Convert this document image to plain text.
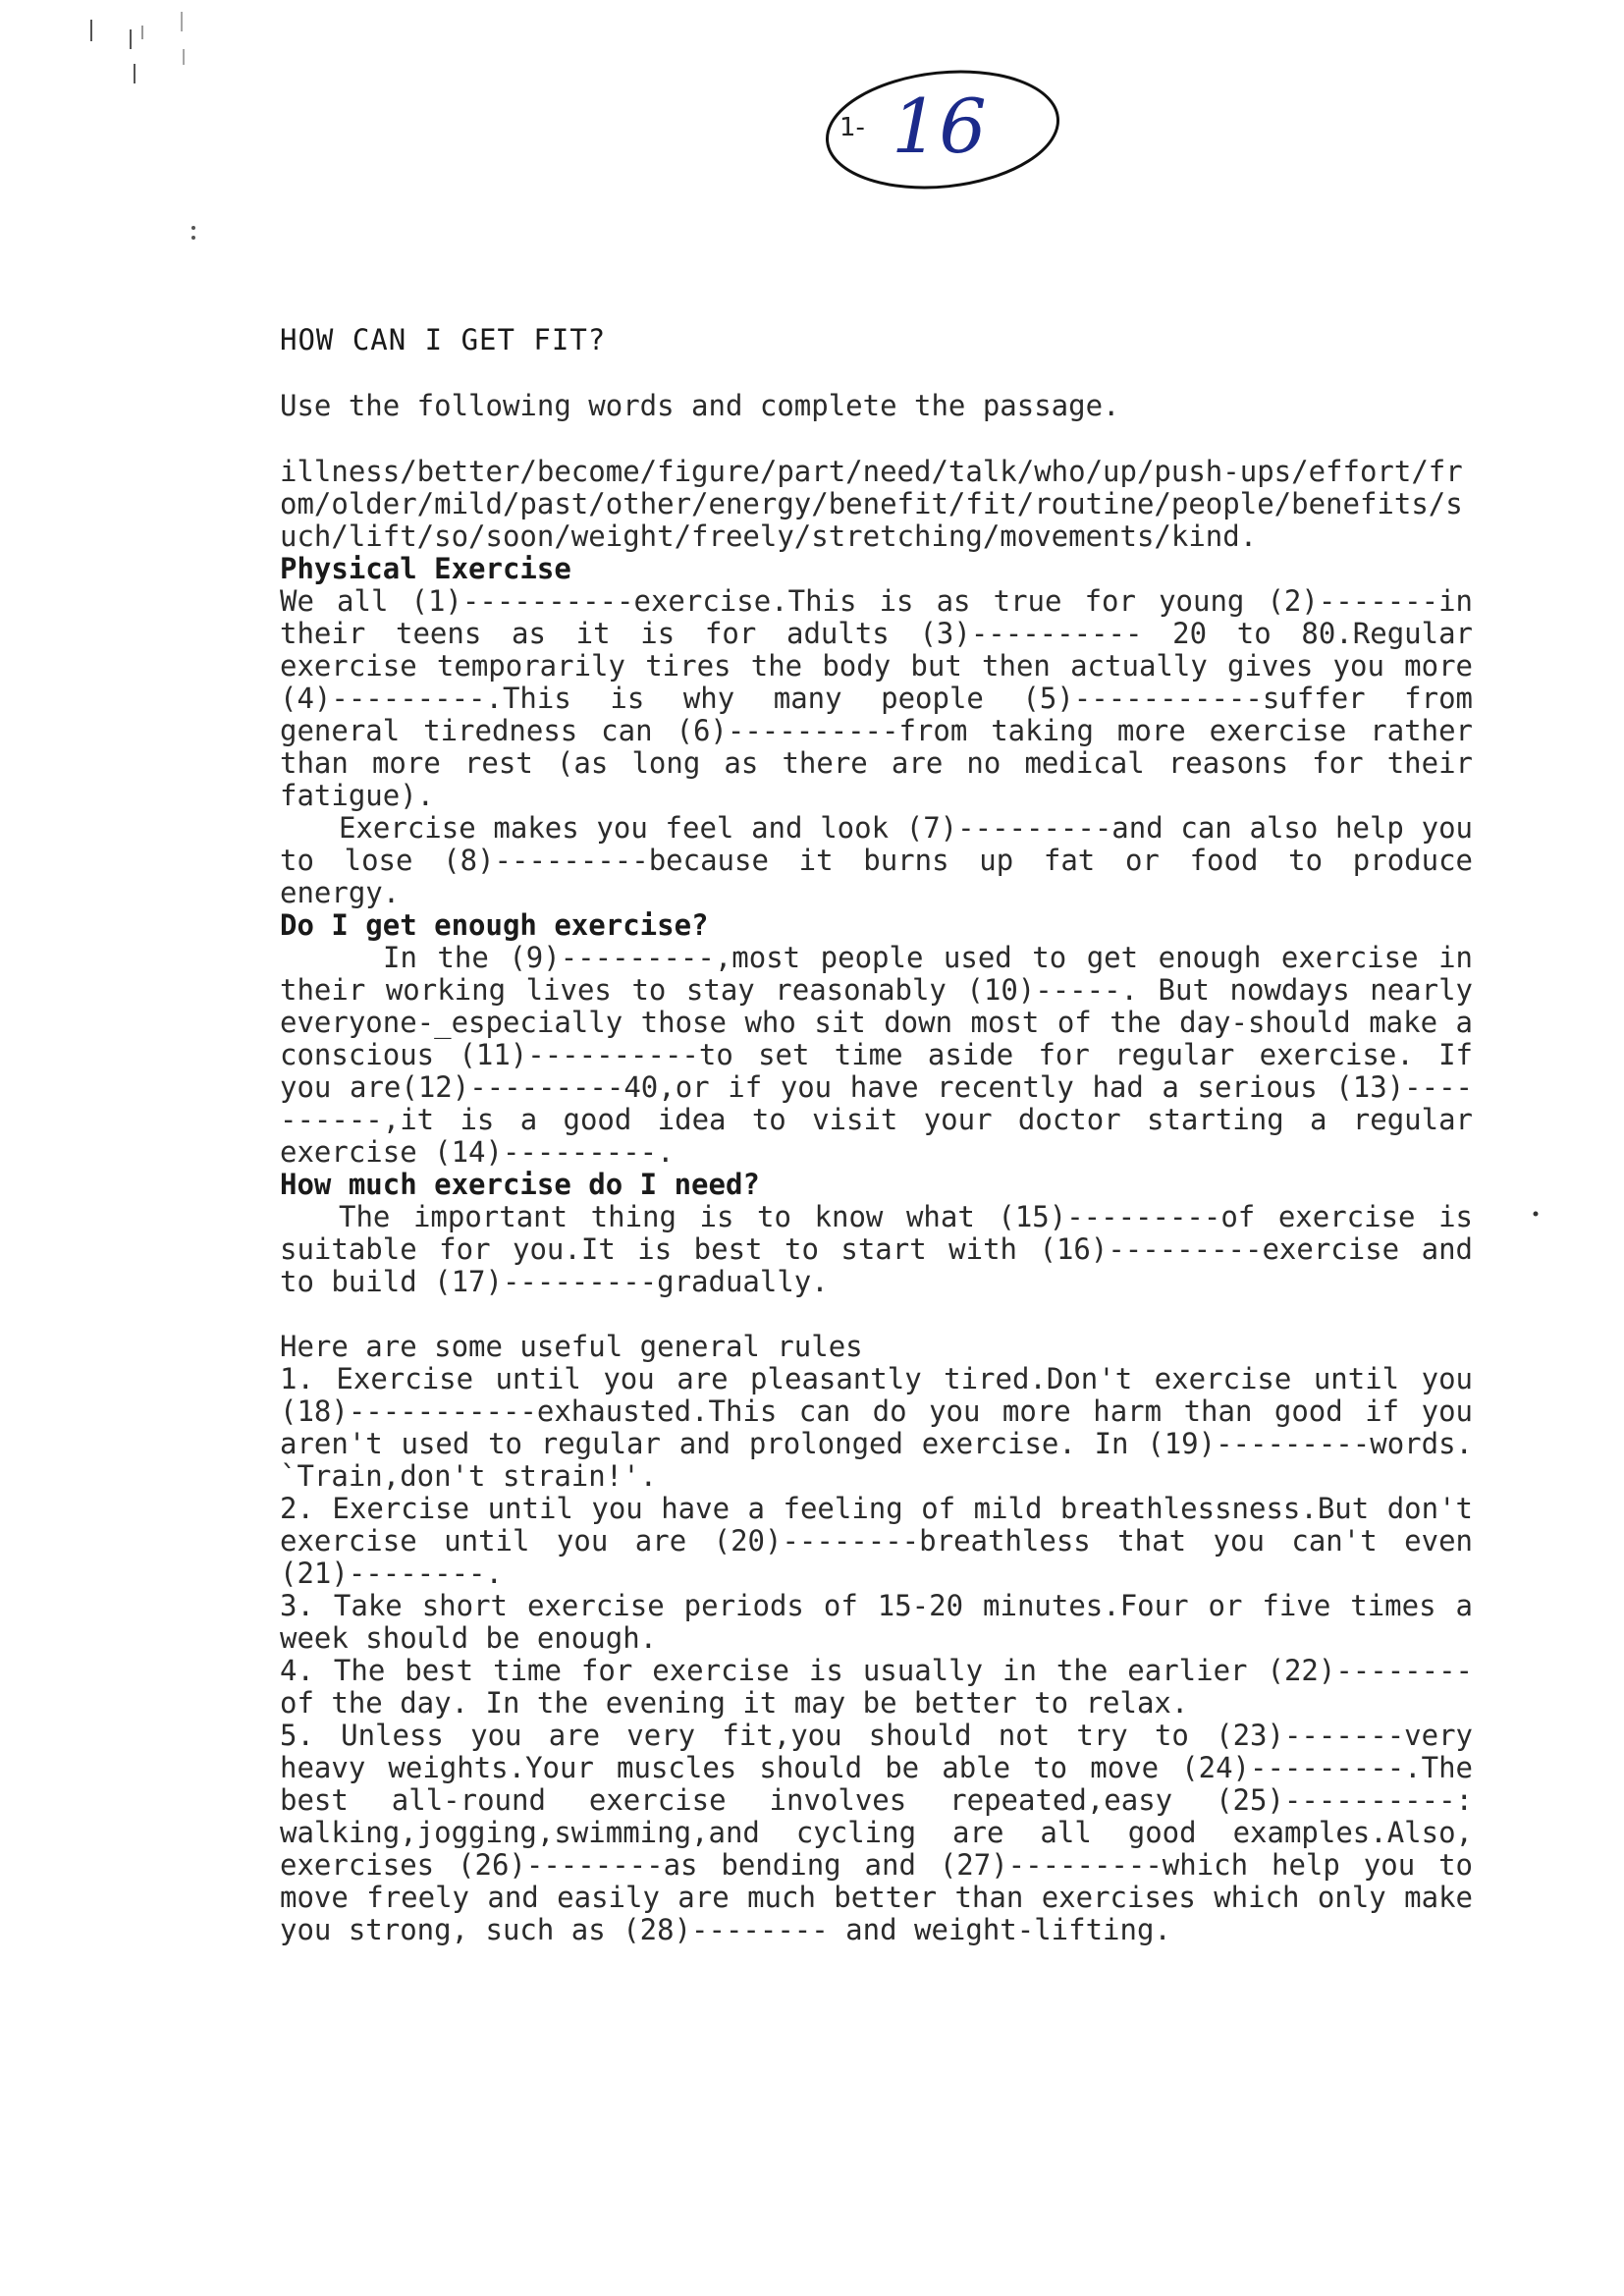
1- 16
HOW CAN I GET FIT?
Use the following words and complete the passage.
illness/better/become/figure/part/need/talk/who/up/push-ups/effort/from/older/mild/past/other/energy/benefit/fit/routine/people/benefits/such/lift/so/soon/weight/freely/stretching/movements/kind.
Physical Exercise

We all (1)----------exercise.This is as true for young (2)-------in their teens as it is for adults (3)---------- 20 to 80.Regular exercise temporarily tires the body but then actually gives you more (4)---------.This is why many people (5)-----------suffer from general tiredness can (6)----------from taking more exercise rather than more rest (as long as there are no medical reasons for their fatigue).

Exercise makes you feel and look (7)---------and can also help you to lose (8)---------because it burns up fat or food to produce energy.

Do I get enough exercise?

In the (9)---------,most people used to get enough exercise in their working lives to stay reasonably (10)-----. But nowdays nearly everyone-_especially those who sit down most of the day-should make a conscious (11)----------to set time aside for regular exercise. If you are(12)---------40,or if you have recently had a serious (13)----------,it is a good idea to visit your doctor starting a regular exercise (14)---------.

How much exercise do I need?

The important thing is to know what (15)---------of exercise is suitable for you.It is best to start with (16)---------exercise and to build (17)---------gradually.

Here are some useful general rules

1. Exercise until you are pleasantly tired.Don't exercise until you (18)-----------exhausted.This can do you more harm than good if you aren't used to regular and prolonged exercise. In (19)---------words. `Train,don't strain!'.

2. Exercise until you have a feeling of mild breathlessness.But don't exercise until you are (20)--------breathless that you can't even (21)--------.

3. Take short exercise periods of 15-20 minutes.Four or five times a week should be enough.

4. The best time for exercise is usually in the earlier (22)-------- of the day. In the evening it may be better to relax.

5. Unless you are very fit,you should not try to (23)-------very heavy weights.Your muscles should be able to move (24)---------.The best all-round exercise involves repeated,easy (25)----------: walking,jogging,swimming,and cycling are all good examples.Also, exercises (26)--------as bending and (27)---------which help you to move freely and easily are much better than exercises which only make you strong, such as (28)-------- and weight-lifting.
